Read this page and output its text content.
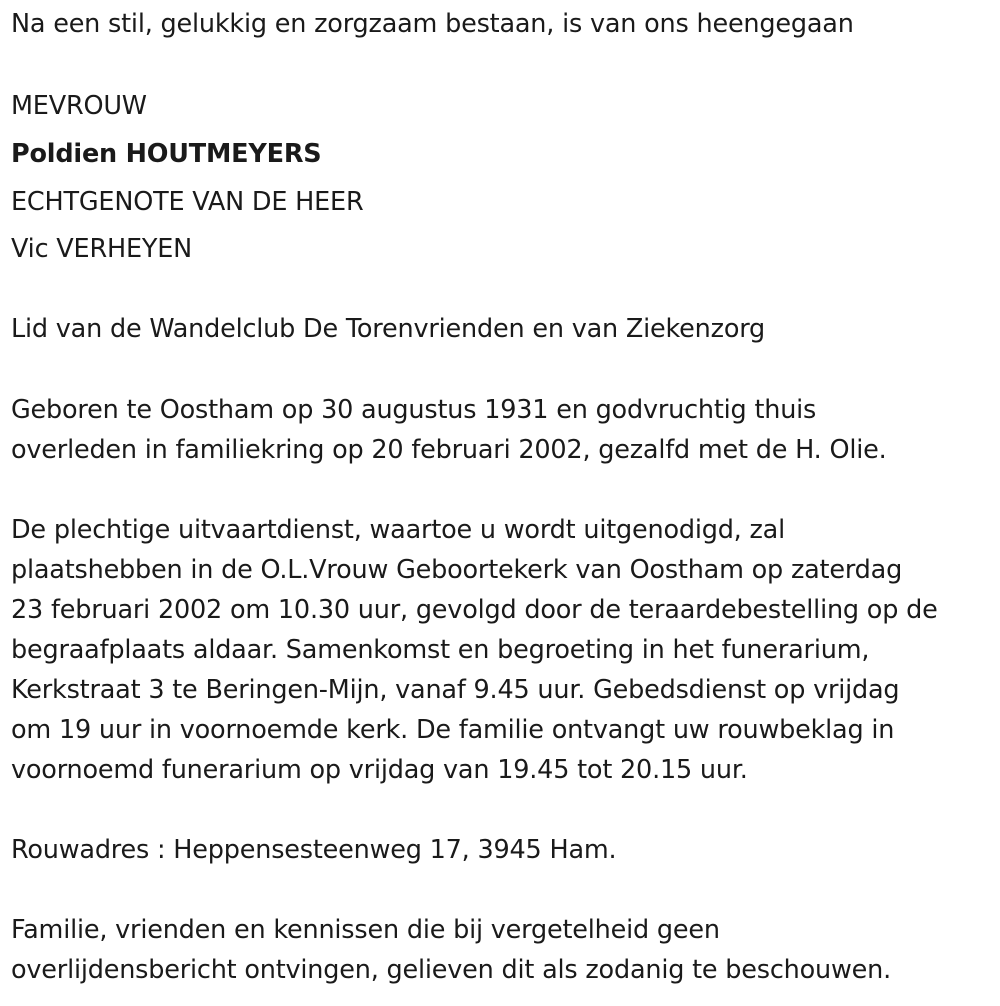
Na een stil, gelukkig en zorgzaam bestaan, is van ons heengegaan
MEVROUW
Poldien HOUTMEYERS
ECHTGENOTE VAN DE HEER
Vic VERHEYEN
Lid van de Wandelclub De Torenvrienden en van Ziekenzorg
Geboren te Oostham op 30 augustus 1931 en godvruchtig thuis
overleden in familiekring op 20 februari 2002, gezalfd met de H. Olie.
De plechtige uitvaartdienst, waartoe u wordt uitgenodigd, zal
plaatshebben in de O.L.Vrouw Geboortekerk van Oostham op zaterdag
23 februari 2002 om 10.30 uur, gevolgd door de teraardebestelling op de
begraafplaats aldaar. Samenkomst en begroeting in het funerarium,
Kerkstraat 3 te Beringen-Mijn, vanaf 9.45 uur. Gebedsdienst op vrijdag
om 19 uur in voornoemde kerk. De familie ontvangt uw rouwbeklag in
voornoemd funerarium op vrijdag van 19.45 tot 20.15 uur.
Rouwadres : Heppensesteenweg 17, 3945 Ham.
Familie, vrienden en kennissen die bij vergetelheid geen
overlijdensbericht ontvingen, gelieven dit als zodanig te beschouwen.
